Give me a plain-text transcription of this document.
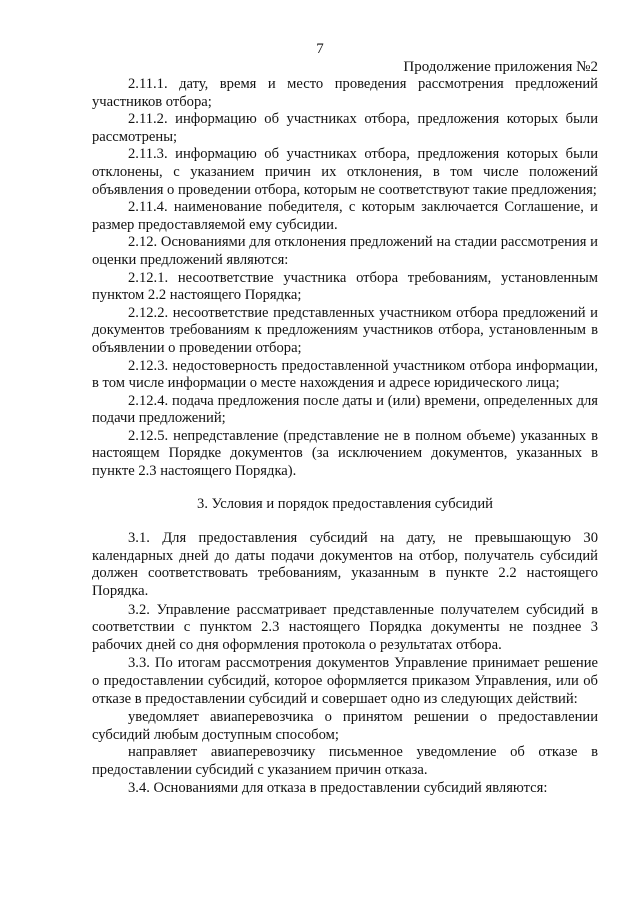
7
Продолжение приложения №2

2.11.1. дату, время и место проведения рассмотрения предложений участников отбора;

2.11.2. информацию об участниках отбора, предложения которых были рассмотрены;

2.11.3. информацию об участниках отбора, предложения которых были отклонены, с указанием причин их отклонения, в том числе положений объявления о проведении отбора, которым не соответствуют такие предложения;

2.11.4. наименование победителя, с которым заключается Соглашение, и размер предоставляемой ему субсидии.

2.12. Основаниями для отклонения предложений на стадии рассмотрения и оценки предложений являются:

2.12.1. несоответствие участника отбора требованиям, установленным пунктом 2.2 настоящего Порядка;

2.12.2. несоответствие представленных участником отбора предложений и документов требованиям к предложениям участников отбора, установленным в объявлении о проведении отбора;

2.12.3. недостоверность предоставленной участником отбора информации, в том числе информации о месте нахождения и адресе юридического лица;

2.12.4. подача предложения после даты и (или) времени, определенных для подачи предложений;

2.12.5. непредставление (представление не в полном объеме) указанных в настоящем Порядке документов (за исключением документов, указанных в пункте 2.3 настоящего Порядка).

3. Условия и порядок предоставления субсидий

3.1. Для предоставления субсидий на дату, не превышающую 30 календарных дней до даты подачи документов на отбор, получатель субсидий должен соответствовать требованиям, указанным в пункте 2.2 настоящего Порядка.

3.2. Управление рассматривает представленные получателем субсидий в соответствии с пунктом 2.3 настоящего Порядка документы не позднее 3 рабочих дней со дня оформления протокола о результатах отбора.

3.3. По итогам рассмотрения документов Управление принимает решение о предоставлении субсидий, которое оформляется приказом Управления, или об отказе в предоставлении субсидий и совершает одно из следующих действий:

уведомляет авиаперевозчика о принятом решении о предоставлении субсидий любым доступным способом;

направляет авиаперевозчику письменное уведомление об отказе в предоставлении субсидий с указанием причин отказа.

3.4. Основаниями для отказа в предоставлении субсидий являются:
